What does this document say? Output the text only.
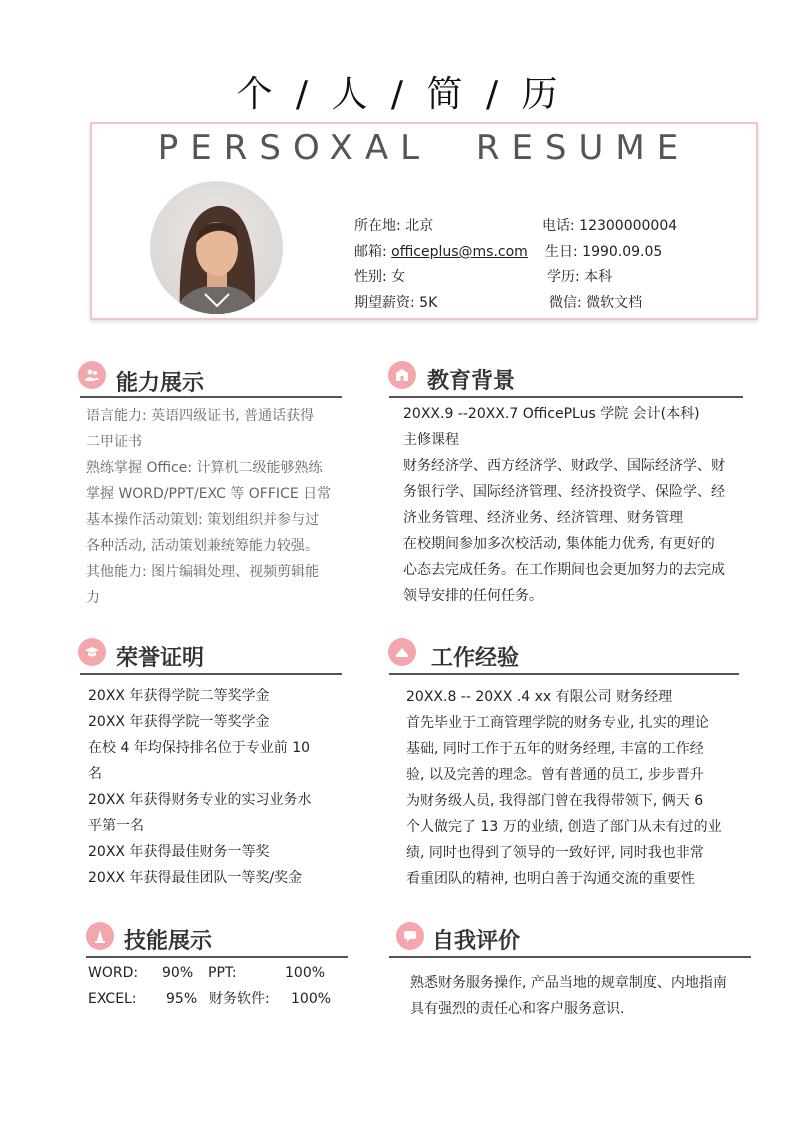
个 / 人 / 简 / 历
PERSOXAL RESUME
所在地: 北京	电话: 12300000004
邮箱: officeplus@ms.com 生日: 1990.09.05
性别: 女	学历: 本科
期望薪资: 5K	微信: 微软文档
能力展示
语言能力: 英语四级证书, 普通话获得
二甲证书
熟练掌握 Office: 计算机二级能够熟练
掌握 WORD/PPT/EXC 等 OFFICE 日常
基本操作活动策划: 策划组织并参与过
各种活动, 活动策划兼统筹能力较强。
其他能力: 图片编辑处理、视频剪辑能
力
教育背景
20XX.9 --20XX.7 OfficePLus 学院 会计(本科)
主修课程
财务经济学、西方经济学、财政学、国际经济学、财
务银行学、国际经济管理、经济投资学、保险学、经
济业务管理、经济业务、经济管理、财务管理
在校期间参加多次校活动, 集体能力优秀, 有更好的
心态去完成任务。在工作期间也会更加努力的去完成
领导安排的任何任务。
荣誉证明
20XX 年获得学院二等奖学金
20XX 年获得学院一等奖学金
在校 4 年均保持排名位于专业前 10
名
20XX 年获得财务专业的实习业务水
平第一名
20XX 年获得最佳财务一等奖
20XX 年获得最佳团队一等奖/奖金
工作经验
20XX.8 -- 20XX .4 xx 有限公司 财务经理
首先毕业于工商管理学院的财务专业, 扎实的理论
基础, 同时工作于五年的财务经理, 丰富的工作经
验, 以及完善的理念。曾有普通的员工, 步步晋升
为财务级人员, 我得部门曾在我得带领下, 俩天 6
个人做完了 13 万的业绩, 创造了部门从未有过的业
绩, 同时也得到了领导的一致好评, 同时我也非常
看重团队的精神, 也明白善于沟通交流的重要性
技能展示
WORD: 90% PPT:	100%
EXCEL: 95% 财务软件: 100%
自我评价
熟悉财务服务操作, 产品当地的规章制度、内地指南
具有强烈的责任心和客户服务意识.
